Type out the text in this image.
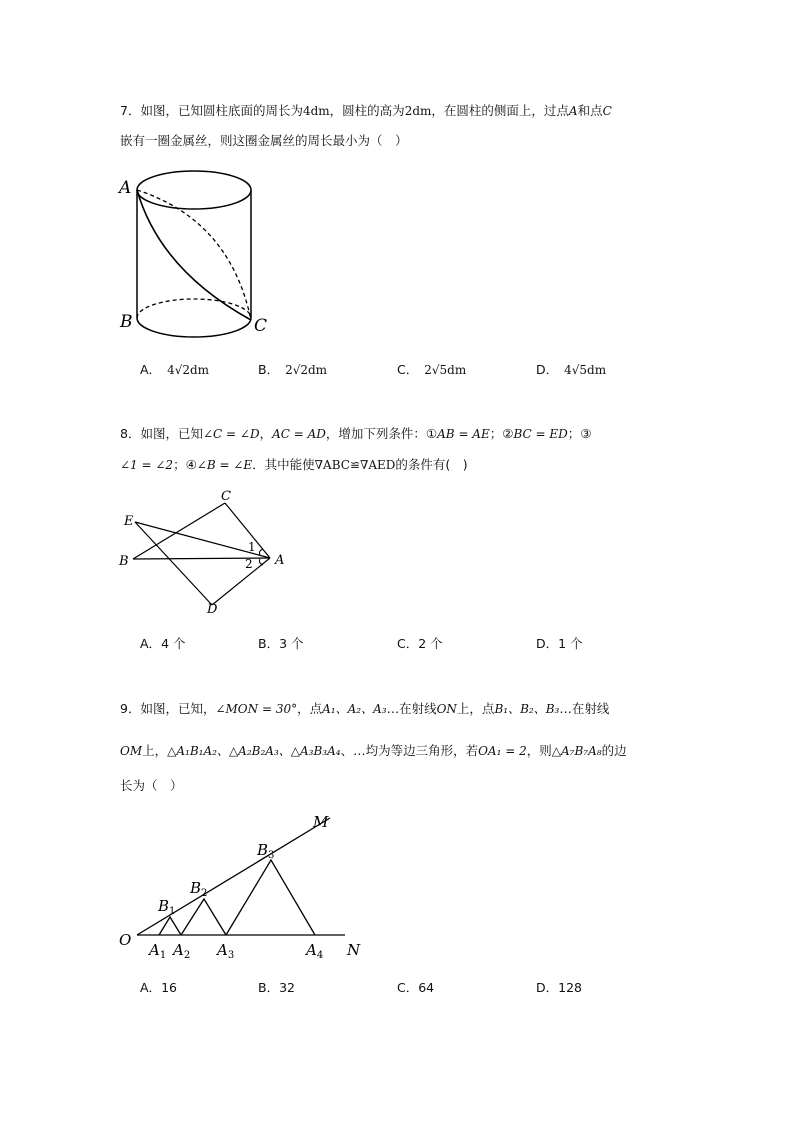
7．如图，已知圆柱底面的周长为4dm，圆柱的高为2dm，在圆柱的侧面上，过点A和点C
嵌有一圈金属丝，则这圈金属丝的周长最小为（　）
A
B	C
A． 4√2dm	B． 2√2dm	C． 2√5dm	D． 4√5dm
8．如图，已知∠C = ∠D，AC = AD，增加下列条件：①AB = AE；②BC = ED；③
∠1 = ∠2；④∠B = ∠E．其中能使∇ABC≌∇AED的条件有(　)
C
E
B	A
D
1
2
A．4 个	B．3 个	C．2 个	D．1 个
9．如图，已知，∠MON = 30°，点A₁、A₂、A₃…在射线ON上，点B₁、B₂、B₃…在射线
OM上，△A₁B₁A₂、△A₂B₂A₃、△A₃B₃A₄、…均为等边三角形，若OA₁ = 2，则△A₇B₇A₈的边
长为（　）
M
O
N
$A_1$ $A_2$ $A_3$	$A_4$
$B_1$
$B_2$
$B_3$
A．16	B．32	C．64	D．128
